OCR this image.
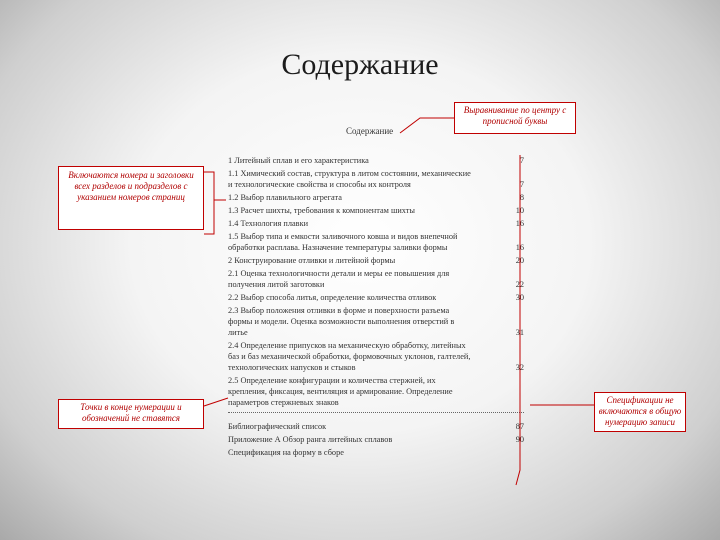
Содержание
Содержание
Выравнивание по центру с прописной буквы
Включаются номера и заголовки всех разделов и подразделов с указанием номеров страниц
Точки в конце нумерации и обозначений не ставятся
Спецификации не включаются в общую нумерацию записи
1 Литейный сплав и его характеристика	7
1.1 Химический состав, структура в литом состоянии, механические
и технологические свойства и способы их контроля	7
1.2 Выбор плавильного агрегата	8
1.3 Расчет шихты, требования к компонентам шихты	10
1.4 Технология плавки	16
1.5 Выбор типа и емкости заливочного ковша и видов внепечной
обработки расплава. Назначение температуры заливки формы	16
2 Конструирование отливки и литейной формы	20
2.1 Оценка технологичности детали и меры ее повышения для
получения литой заготовки	22
2.2 Выбор способа литья, определение количества отливок	30
2.3 Выбор положения отливки в форме и поверхности разъема
формы и модели. Оценка возможности выполнения отверстий в
литье	31
2.4 Определение припусков на механическую обработку, литейных
баз и баз механической обработки, формовочных уклонов, галтелей,
технологических напусков и стыков	32
2.5 Определение конфигурации и количества стержней, их
крепления, фиксация, вентиляция и армирование. Определение
параметров стержневых знаков
Библиографический список	87
Приложение А Обзор ранга литейных сплавов	90
Спецификация на форму в сборе
